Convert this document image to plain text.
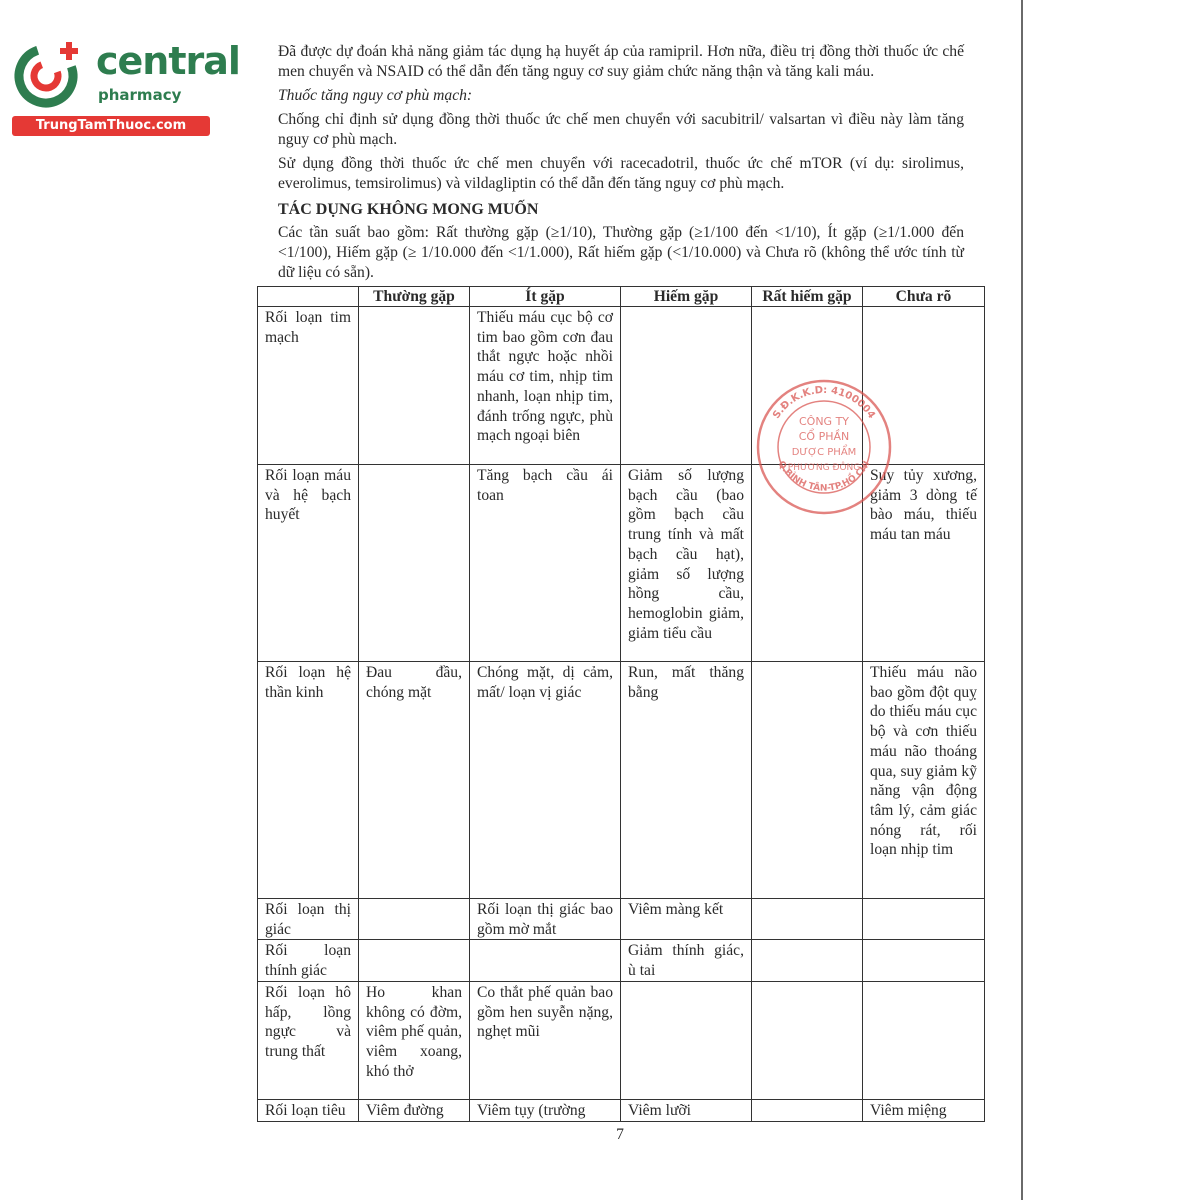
central
pharmacy
TrungTamThuoc.com

Đã được dự đoán khả năng giảm tác dụng hạ huyết áp của ramipril. Hơn nữa, điều trị đồng thời thuốc ức chế men chuyển và NSAID có thể dẫn đến tăng nguy cơ suy giảm chức năng thận và tăng kali máu.

Thuốc tăng nguy cơ phù mạch:

Chống chỉ định sử dụng đồng thời thuốc ức chế men chuyển với sacubitril/ valsartan vì điều này làm tăng nguy cơ phù mạch.

Sử dụng đồng thời thuốc ức chế men chuyển với racecadotril, thuốc ức chế mTOR (ví dụ: sirolimus, everolimus, temsirolimus) và vildagliptin có thể dẫn đến tăng nguy cơ phù mạch.

TÁC DỤNG KHÔNG MONG MUỐN

Các tần suất bao gồm: Rất thường gặp (≥1/10), Thường gặp (≥1/100 đến <1/10), Ít gặp (≥1/1.000 đến <1/100), Hiếm gặp (≥ 1/10.000 đến <1/1.000), Rất hiếm gặp (<1/10.000) và Chưa rõ (không thể ước tính từ dữ liệu có sẵn).

	Thường gặp	Ít gặp	Hiếm gặp	Rất hiếm gặp	Chưa rõ
Rối loạn tim mạch		Thiếu máu cục bộ cơ tim bao gồm cơn đau thắt ngực hoặc nhồi máu cơ tim, nhịp tim nhanh, loạn nhịp tim, đánh trống ngực, phù mạch ngoại biên			
Rối loạn máu và hệ bạch huyết		Tăng bạch cầu ái toan	Giảm số lượng bạch cầu (bao gồm bạch cầu trung tính và mất bạch cầu hạt), giảm số lượng hồng cầu, hemoglobin giảm, giảm tiểu cầu		Suy tủy xương, giảm 3 dòng tế bào máu, thiếu máu tan máu
Rối loạn hệ thần kinh	Đau đầu, chóng mặt	Chóng mặt, dị cảm, mất/ loạn vị giác	Run, mất thăng bằng		Thiếu máu não bao gồm đột quỵ do thiếu máu cục bộ và cơn thiếu máu não thoáng qua, suy giảm kỹ năng vận động tâm lý, cảm giác nóng rát, rối loạn nhịp tim
Rối loạn thị giác		Rối loạn thị giác bao gồm mờ mắt	Viêm màng kết		
Rối loạn thính giác			Giảm thính giác, ù tai		
Rối loạn hô hấp, lồng ngực và trung thất	Ho khan không có đờm, viêm phế quản, viêm xoang, khó thở	Co thắt phế quản bao gồm hen suyễn nặng, nghẹt mũi			
Rối loạn tiêu	Viêm đường	Viêm tụy (trường	Viêm lưỡi		Viêm miệng
S.Đ.K.K.D: 4100004
Q.BÌNH TÂN-TP.HỒ CHÍ
CÔNG TY
CỔ PHẦN
DƯỢC PHẨM
PHƯƠNG ĐÔNG
7
